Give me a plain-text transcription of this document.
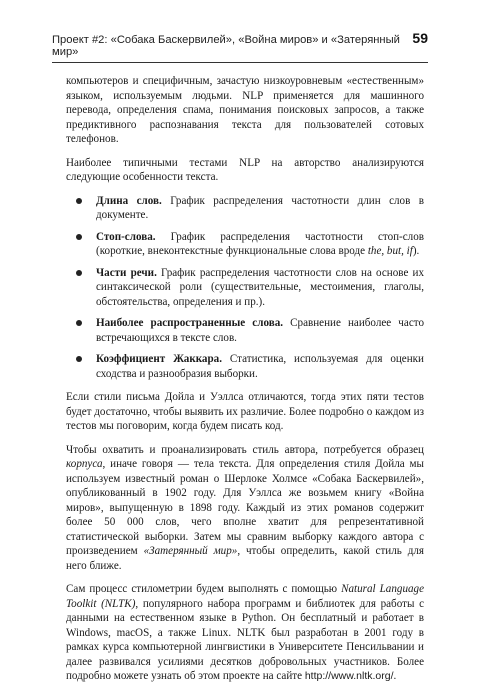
Проект #2: «Собака Баскервилей», «Война миров» и «Затерянный мир»
59

компьютеров и специфичным, зачастую низкоуровневым «естественным» языком, используемым людьми. NLP применяется для машинного перевода, определения спама, понимания поисковых запросов, а также предиктивного распознавания текста для пользователей сотовых телефонов.

Наиболее типичными тестами NLP на авторство анализируются следующие особенности текста.

Длина слов. График распределения частотности длин слов в документе.
Стоп-слова. График распределения частотности стоп-слов (короткие, внеконтекстные функциональные слова вроде the, but, if).
Части речи. График распределения частотности слов на основе их синтаксической роли (существительные, местоимения, глаголы, обстоятельства, определения и пр.).
Наиболее распространенные слова. Сравнение наиболее часто встречающихся в тексте слов.
Коэффициент Жаккара. Статистика, используемая для оценки сходства и разнообразия выборки.

Если стили письма Дойла и Уэллса отличаются, тогда этих пяти тестов будет достаточно, чтобы выявить их различие. Более подробно о каждом из тестов мы поговорим, когда будем писать код.

Чтобы охватить и проанализировать стиль автора, потребуется образец корпуса, иначе говоря — тела текста. Для определения стиля Дойла мы используем известный роман о Шерлоке Холмсе «Собака Баскервилей», опубликованный в 1902 году. Для Уэллса же возьмем книгу «Война миров», выпущенную в 1898 году. Каждый из этих романов содержит более 50 000 слов, чего вполне хватит для репрезентативной статистической выборки. Затем мы сравним выборку каждого автора с произведением «Затерянный мир», чтобы определить, какой стиль для него ближе.

Сам процесс стилометрии будем выполнять с помощью Natural Language Toolkit (NLTK), популярного набора программ и библиотек для работы с данными на естественном языке в Python. Он бесплатный и работает в Windows, macOS, а также Linux. NLTK был разработан в 2001 году в рамках курса компьютерной лингвистики в Университете Пенсильвании и далее развивался усилиями десятков добровольных участников. Более подробно можете узнать об этом проекте на сайте http://www.nltk.org/.
